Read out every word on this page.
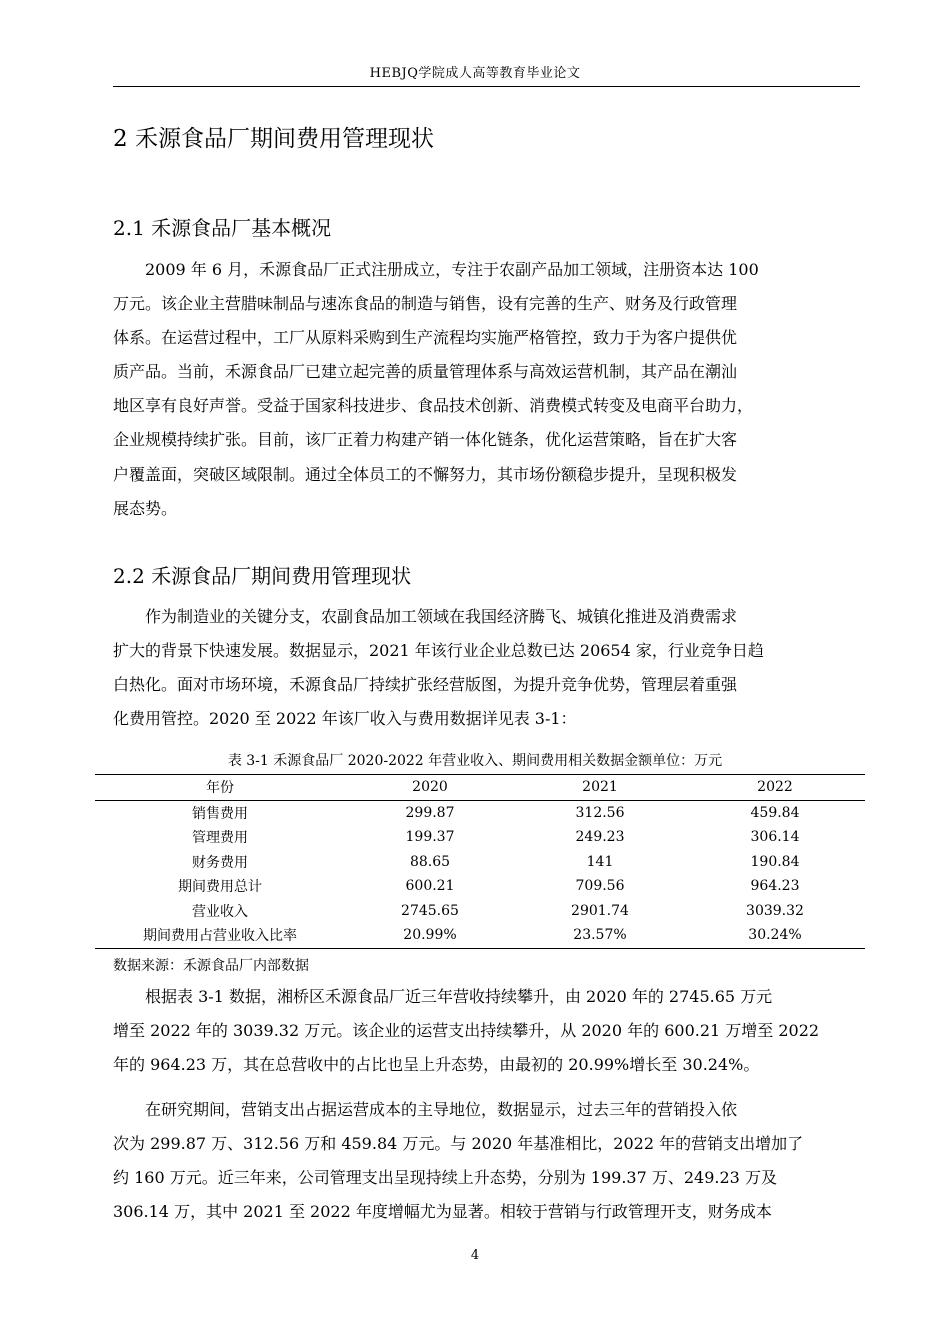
HEBJQ学院成人高等教育毕业论文
2 禾源食品厂期间费用管理现状
2.1 禾源食品厂基本概况
2009 年 6 月，禾源食品厂正式注册成立，专注于农副产品加工领域，注册资本达 100
万元。该企业主营腊味制品与速冻食品的制造与销售，设有完善的生产、财务及行政管理
体系。在运营过程中，工厂从原料采购到生产流程均实施严格管控，致力于为客户提供优
质产品。当前，禾源食品厂已建立起完善的质量管理体系与高效运营机制，其产品在潮汕
地区享有良好声誉。受益于国家科技进步、食品技术创新、消费模式转变及电商平台助力，
企业规模持续扩张。目前，该厂正着力构建产销一体化链条，优化运营策略，旨在扩大客
户覆盖面，突破区域限制。通过全体员工的不懈努力，其市场份额稳步提升，呈现积极发
展态势。
2.2 禾源食品厂期间费用管理现状
作为制造业的关键分支，农副食品加工领域在我国经济腾飞、城镇化推进及消费需求
扩大的背景下快速发展。数据显示，2021 年该行业企业总数已达 20654 家，行业竞争日趋
白热化。面对市场环境，禾源食品厂持续扩张经营版图，为提升竞争优势，管理层着重强
化费用管控。2020 至 2022 年该厂收入与费用数据详见表 3-1：
表 3-1 禾源食品厂 2020-2022 年营业收入、期间费用相关数据金额单位：万元
年份	2020	2021	2022
销售费用	299.87	312.56	459.84
管理费用	199.37	249.23	306.14
财务费用	88.65	141	190.84
期间费用总计	600.21	709.56	964.23
营业收入	2745.65	2901.74	3039.32
期间费用占营业收入比率	20.99%	23.57%	30.24%
数据来源：禾源食品厂内部数据
根据表 3-1 数据，湘桥区禾源食品厂近三年营收持续攀升，由 2020 年的 2745.65 万元
增至 2022 年的 3039.32 万元。该企业的运营支出持续攀升，从 2020 年的 600.21 万增至 2022
年的 964.23 万，其在总营收中的占比也呈上升态势，由最初的 20.99%增长至 30.24%。
在研究期间，营销支出占据运营成本的主导地位，数据显示，过去三年的营销投入依
次为 299.87 万、312.56 万和 459.84 万元。与 2020 年基准相比，2022 年的营销支出增加了
约 160 万元。近三年来，公司管理支出呈现持续上升态势，分别为 199.37 万、249.23 万及
306.14 万，其中 2021 至 2022 年度增幅尤为显著。相较于营销与行政管理开支，财务成本
4
